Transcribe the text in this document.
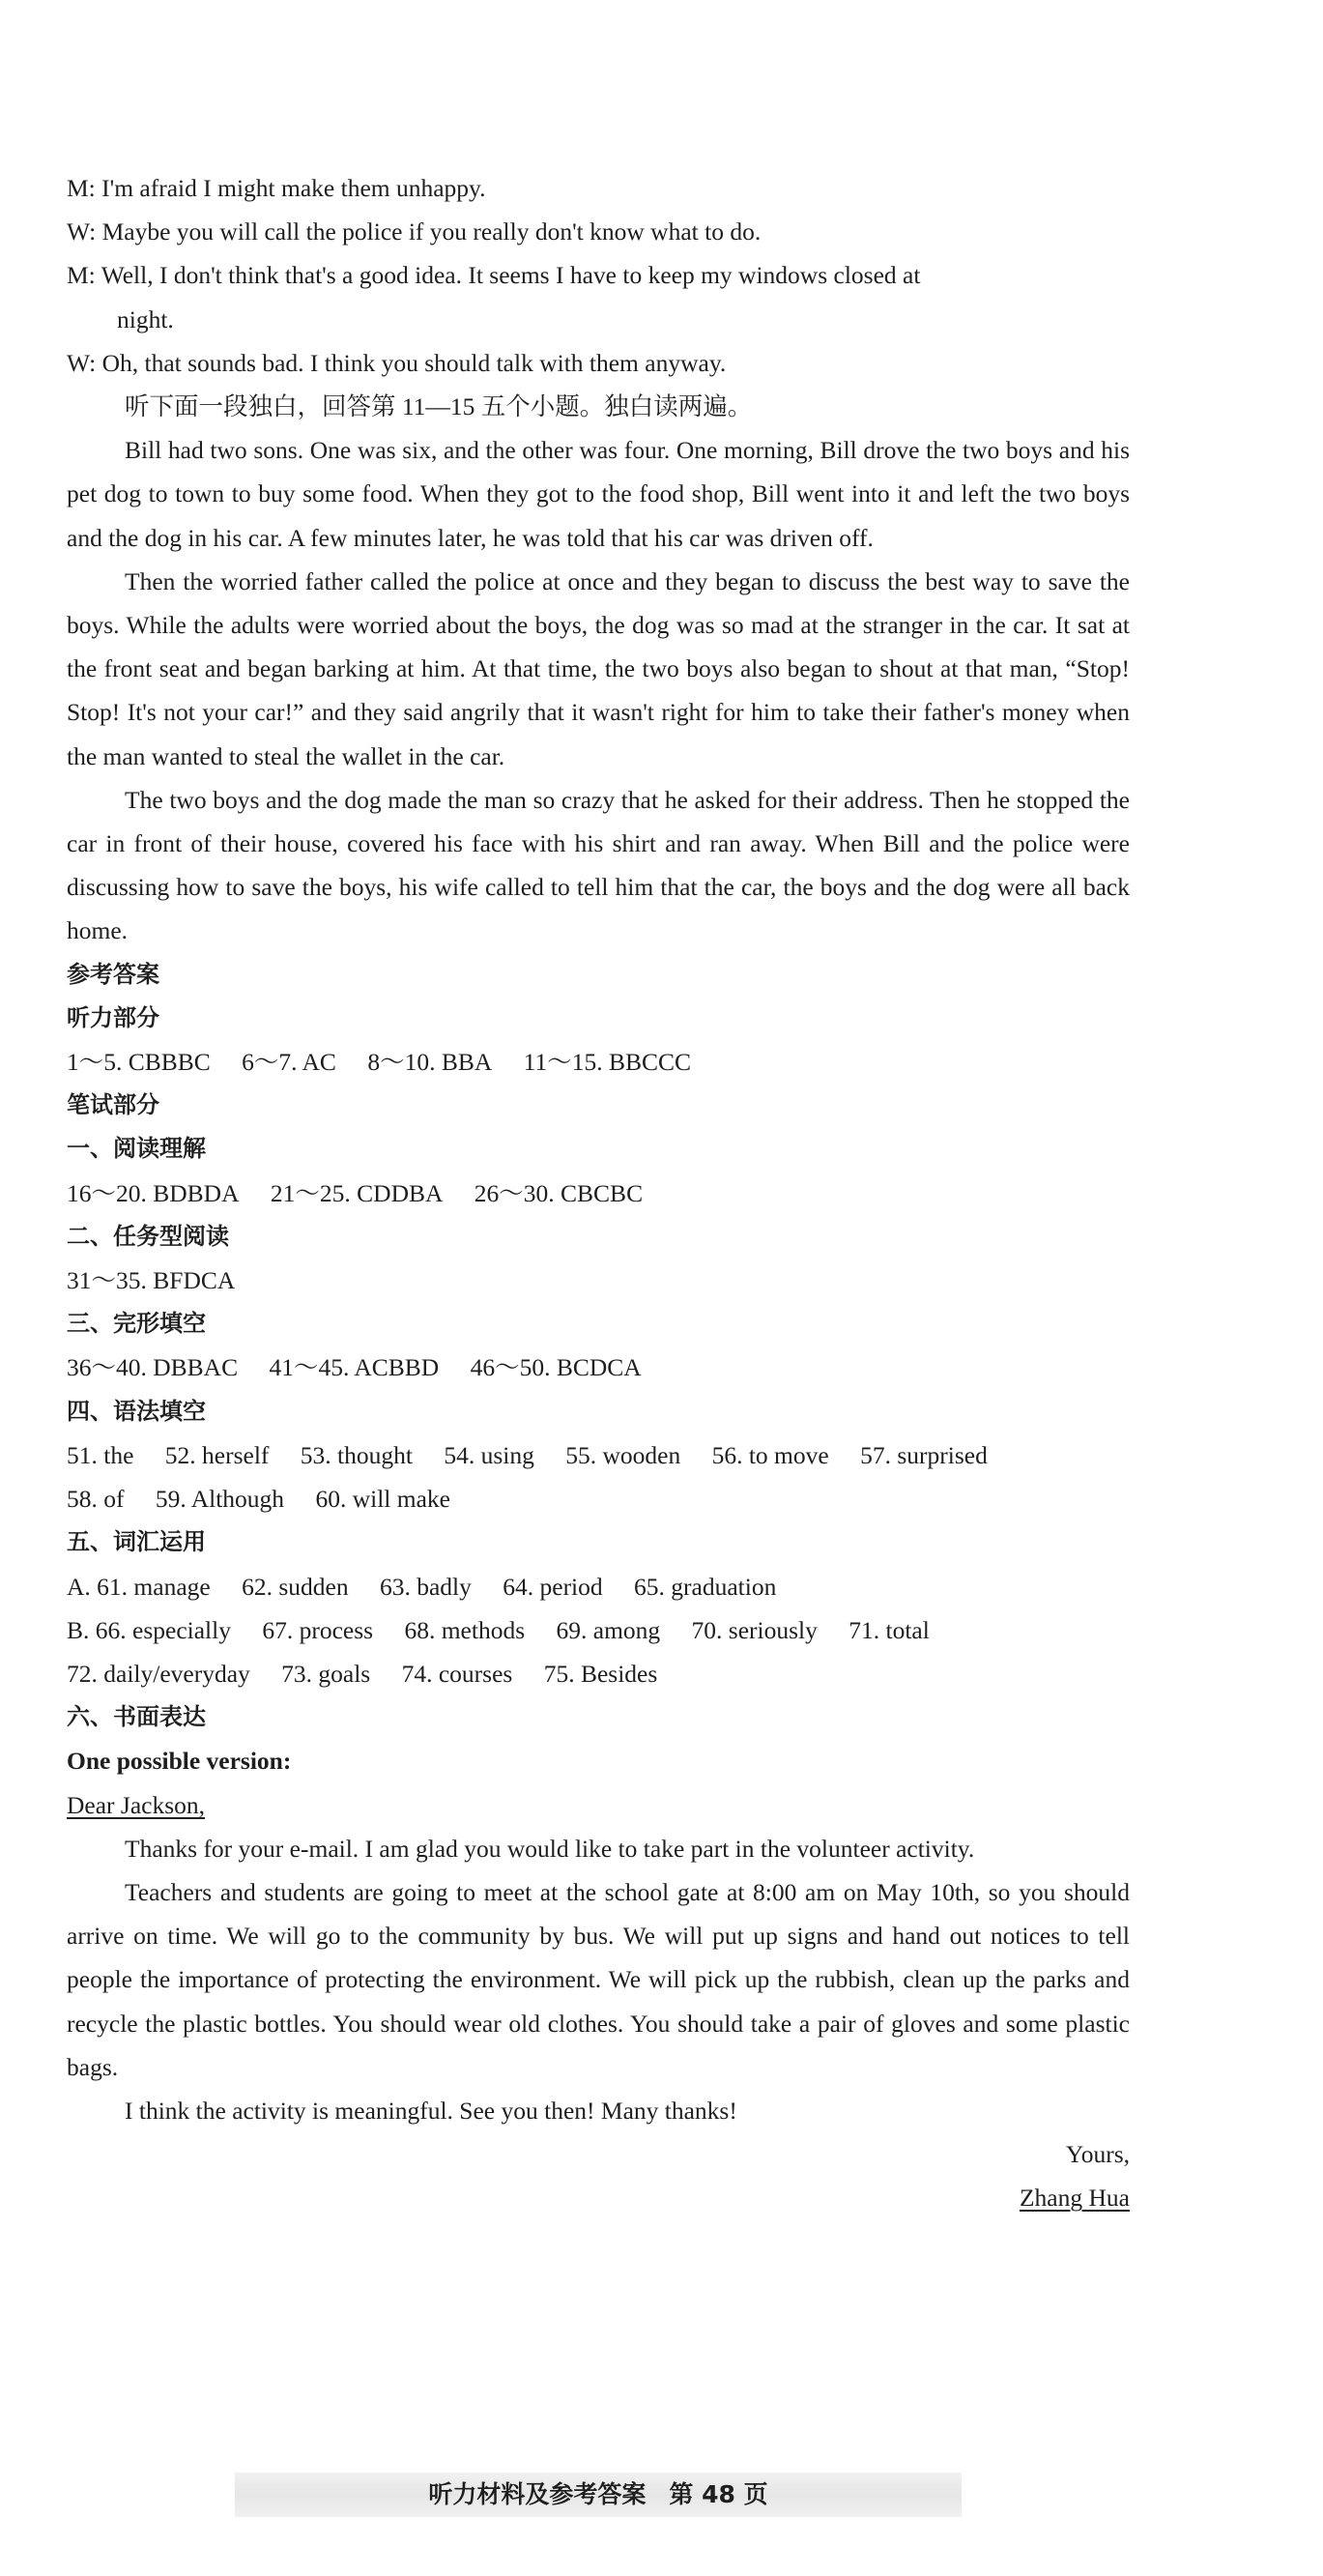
M: I'm afraid I might make them unhappy.
W: Maybe you will call the police if you really don't know what to do.
M: Well, I don't think that's a good idea. It seems I have to keep my windows closed at
night.
W: Oh, that sounds bad. I think you should talk with them anyway.
听下面一段独白，回答第 11—15 五个小题。独白读两遍。
Bill had two sons. One was six, and the other was four. One morning, Bill drove the two boys and his pet dog to town to buy some food. When they got to the food shop, Bill went into it and left the two boys and the dog in his car. A few minutes later, he was told that his car was driven off.
Then the worried father called the police at once and they began to discuss the best way to save the boys. While the adults were worried about the boys, the dog was so mad at the stranger in the car. It sat at the front seat and began barking at him. At that time, the two boys also began to shout at that man, “Stop! Stop! It's not your car!” and they said angrily that it wasn't right for him to take their father's money when the man wanted to steal the wallet in the car.
The two boys and the dog made the man so crazy that he asked for their address. Then he stopped the car in front of their house, covered his face with his shirt and ran away. When Bill and the police were discussing how to save the boys, his wife called to tell him that the car, the boys and the dog were all back home.
参考答案
听力部分
1～5. CBBBC 6～7. AC 8～10. BBA 11～15. BBCCC
笔试部分
一、阅读理解
16～20. BDBDA 21～25. CDDBA 26～30. CBCBC
二、任务型阅读
31～35. BFDCA
三、完形填空
36～40. DBBAC 41～45. ACBBD 46～50. BCDCA
四、语法填空
51. the 52. herself 53. thought 54. using 55. wooden 56. to move 57. surprised
58. of 59. Although 60. will make
五、词汇运用
A. 61. manage 62. sudden 63. badly 64. period 65. graduation
B. 66. especially 67. process 68. methods 69. among 70. seriously 71. total
72. daily/everyday 73. goals 74. courses 75. Besides
六、书面表达
One possible version:
Dear Jackson,
Thanks for your e-mail. I am glad you would like to take part in the volunteer activity.
Teachers and students are going to meet at the school gate at 8:00 am on May 10th, so you should arrive on time. We will go to the community by bus. We will put up signs and hand out notices to tell people the importance of protecting the environment. We will pick up the rubbish, clean up the parks and recycle the plastic bottles. You should wear old clothes. You should take a pair of gloves and some plastic bags.
I think the activity is meaningful. See you then! Many thanks!
Yours,
Zhang Hua
听力材料及参考答案 第 48 页
